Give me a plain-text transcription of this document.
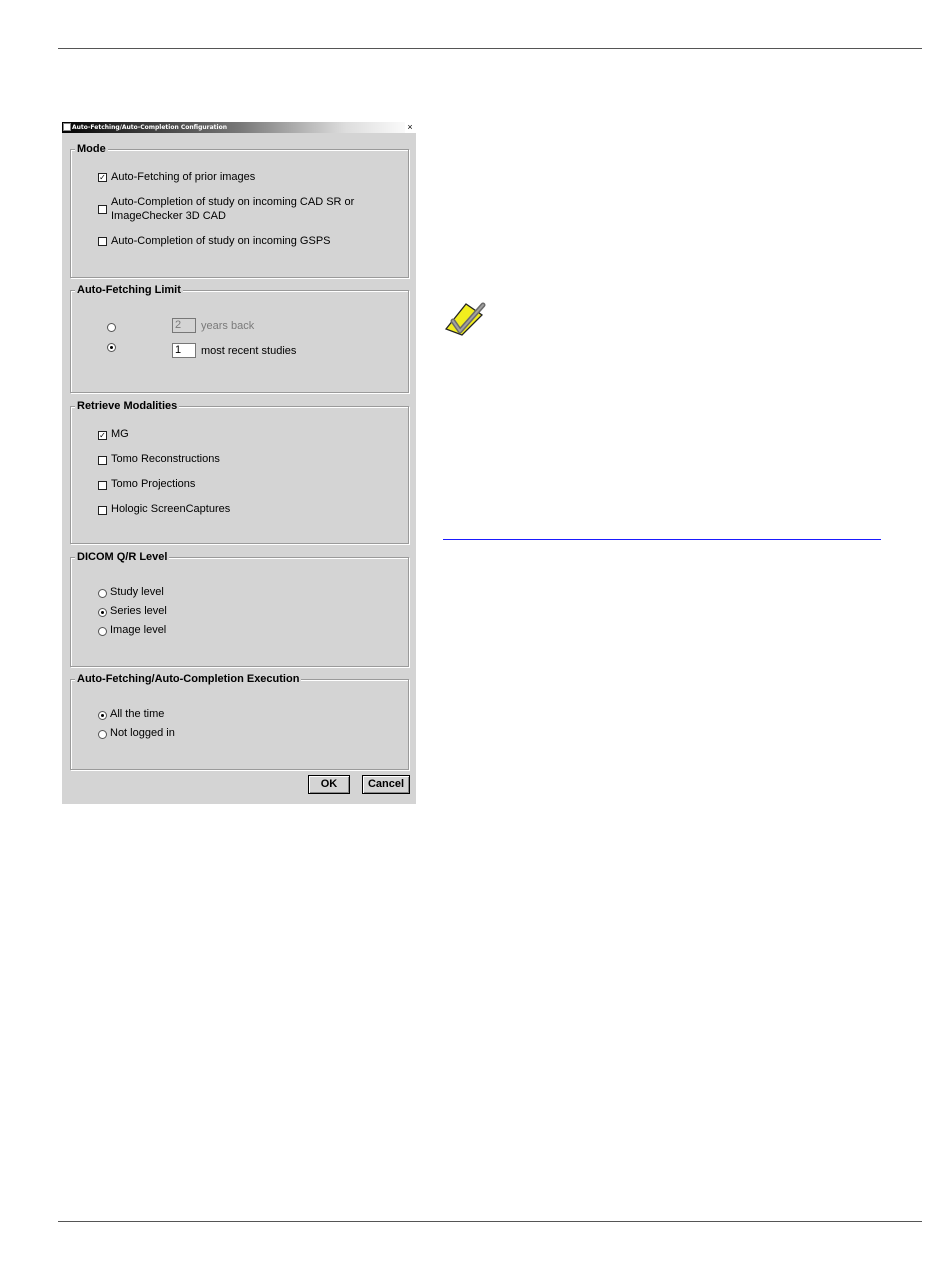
Auto-Fetching/Auto-Completion Configuration	×
Mode
✓ Auto-Fetching of prior images
Auto-Completion of study on incoming CAD SR or
ImageChecker 3D CAD
Auto-Completion of study on incoming GSPS
Auto-Fetching Limit
2	years back
1	most recent studies
Retrieve Modalities
✓ MG
Tomo Reconstructions
Tomo Projections
Hologic ScreenCaptures
DICOM Q/R Level
Study level
Series level
Image level
Auto-Fetching/Auto-Completion Execution
All the time
Not logged in
OK	Cancel
